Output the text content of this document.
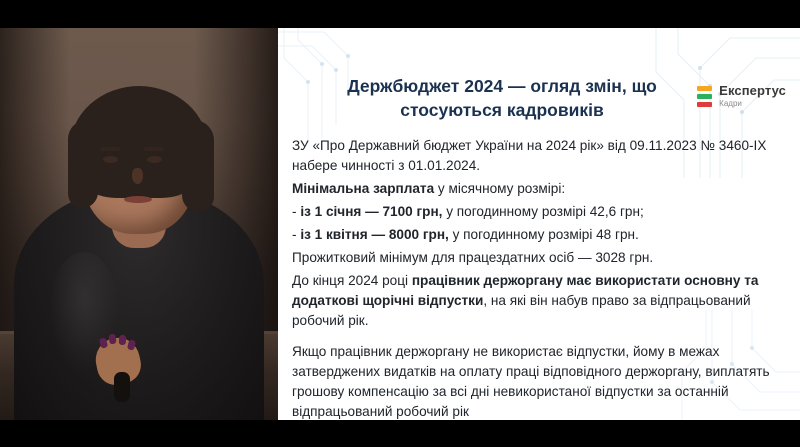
Експертус
Кадри
Держбюджет 2024 — огляд змін, що стосуються кадровиків

ЗУ «Про Державний бюджет України на 2024 рік» від 09.11.2023 № 3460-IX набере чинності з 01.01.2024.

Мінімальна зарплата у місячному розмірі:

- із 1 січня — 7100 грн, у погодинному розмірі 42,6 грн;

- із 1 квітня — 8000 грн, у погодинному розмірі 48 грн.

Прожитковий мінімум для працездатних осіб — 3028 грн.

До кінця 2024 році працівник держоргану має використати основну та додаткові щорічні відпустки, на які він набув право за відпрацьований робочий рік.

Якщо працівник держоргану не використає відпустки, йому в межах затверджених видатків на оплату праці відповідного держоргану, виплатять грошову компенсацію за всі дні невикористаної відпустки за останній відпрацьований робочий рік
